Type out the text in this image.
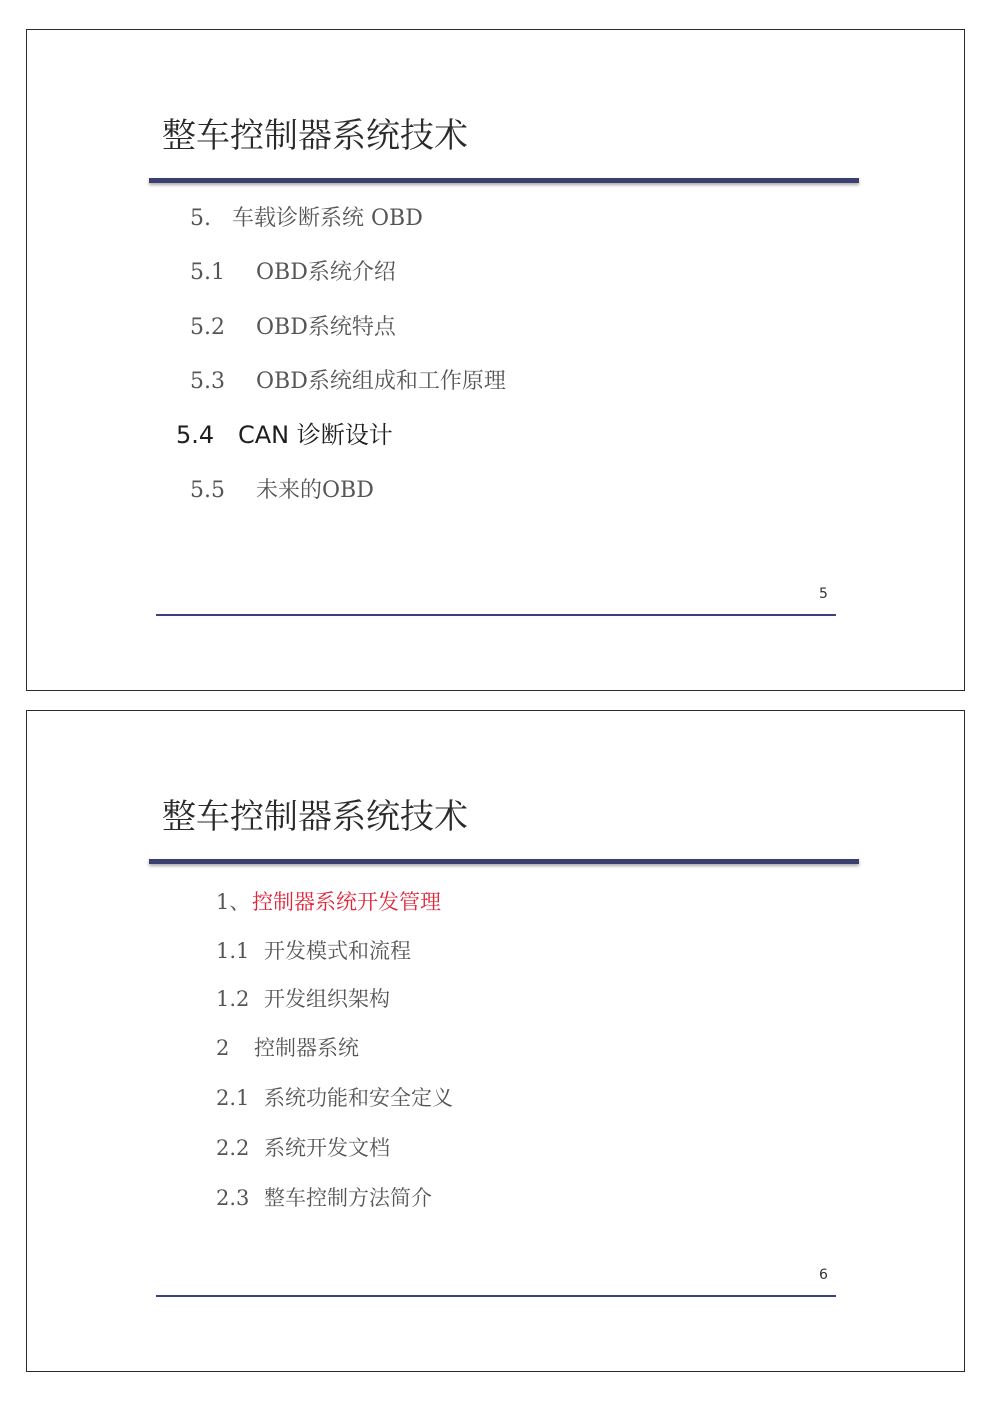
整车控制器系统技术
5. 车载诊断系统 OBD
5.1 OBD系统介绍
5.2 OBD系统特点
5.3 OBD系统组成和工作原理
5.4 CAN 诊断设计
5.5 未来的OBD
5
整车控制器系统技术
1、控制器系统开发管理
1.1 开发模式和流程
1.2 开发组织架构
2 控制器系统
2.1 系统功能和安全定义
2.2 系统开发文档
2.3 整车控制方法简介
6
